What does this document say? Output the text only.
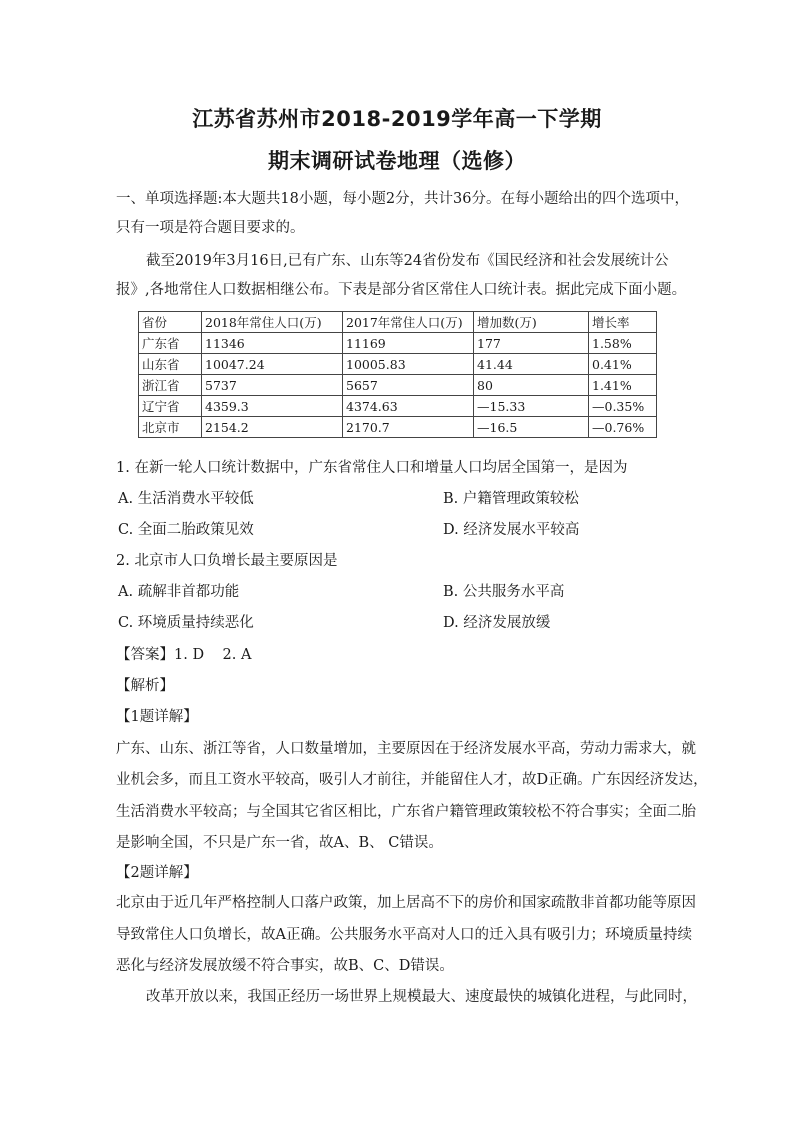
江苏省苏州市2018-2019学年高一下学期
期末调研试卷地理（选修）
一、单项选择题:本大题共18小题，每小题2分，共计36分。在每小题给出的四个选项中，
只有一项是符合题目要求的。
截至2019年3月16日,已有广东、山东等24省份发布《国民经济和社会发展统计公
报》,各地常住人口数据相继公布。下表是部分省区常住人口统计表。据此完成下面小题。
省份	2018年常住人口(万)	2017年常住人口(万)	增加数(万)	增长率
广东省	11346	11169	177	1.58%
山东省	10047.24	10005.83	41.44	0.41%
浙江省	5737	5657	80	1.41%
辽宁省	4359.3	4374.63	—15.33	—0.35%
北京市	2154.2	2170.7	—16.5	—0.76%
1. 在新一轮人口统计数据中，广东省常住人口和增量人口均居全国第一，是因为
A. 生活消费水平较低	B. 户籍管理政策较松
C. 全面二胎政策见效	D. 经济发展水平较高
2. 北京市人口负增长最主要原因是
A. 疏解非首都功能	B. 公共服务水平高
C. 环境质量持续恶化	D. 经济发展放缓
【答案】1. D    2. A
【解析】
【1题详解】
广东、山东、浙江等省，人口数量增加，主要原因在于经济发展水平高，劳动力需求大，就
业机会多，而且工资水平较高，吸引人才前往，并能留住人才，故D正确。广东因经济发达，
生活消费水平较高；与全国其它省区相比，广东省户籍管理政策较松不符合事实；全面二胎
是影响全国，不只是广东一省，故A、B、 C错误。
【2题详解】
北京由于近几年严格控制人口落户政策，加上居高不下的房价和国家疏散非首都功能等原因
导致常住人口负增长，故A正确。公共服务水平高对人口的迁入具有吸引力；环境质量持续
恶化与经济发展放缓不符合事实，故B、C、D错误。
改革开放以来，我国正经历一场世界上规模最大、速度最快的城镇化进程，与此同时，
